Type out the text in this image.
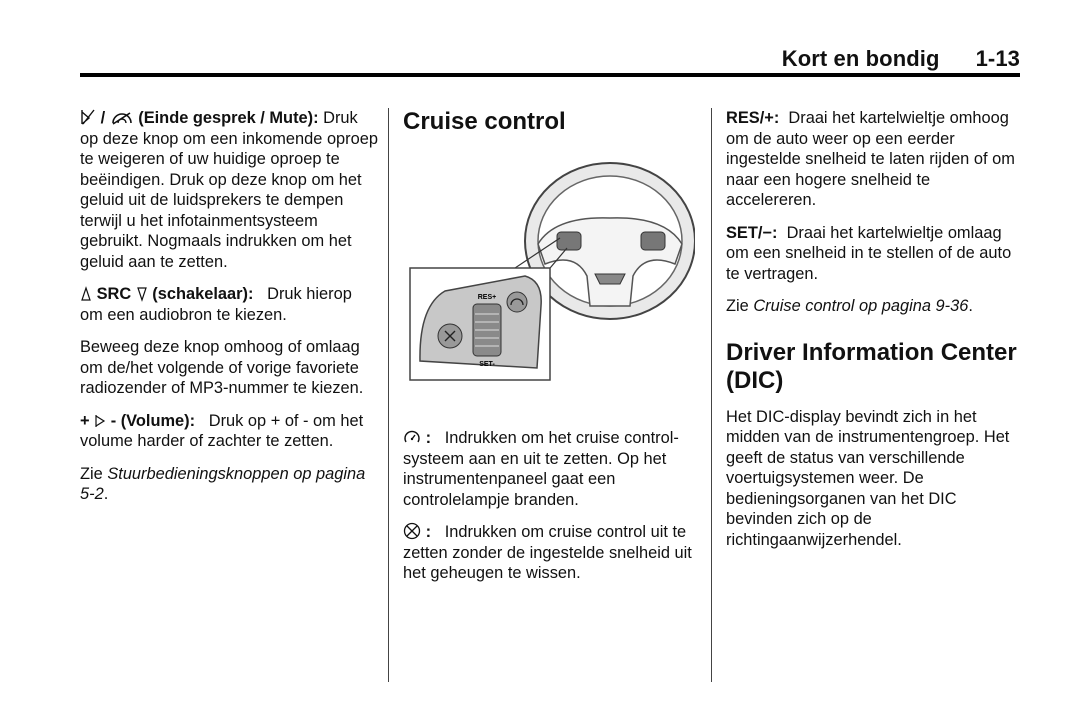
Kort en bondig 1-13

/  (Einde gesprek / Mute): Druk op deze knop om een inkomende oproep te weigeren of uw huidige oproep te beëindigen. Druk op deze knop om het geluid uit de luidsprekers te dempen terwijl u het infotainmentsysteem gebruikt. Nogmaals indrukken om het geluid aan te zetten.

SRC (schakelaar): Druk hierop om een audiobron te kiezen.

Beweeg deze knop omhoog of omlaag om de/het volgende of vorige favoriete radiozender of MP3-nummer te kiezen.

+ - (Volume): Druk op + of - om het volume harder of zachter te zetten.

Zie Stuurbedieningsknoppen op pagina 5-2.

Cruise control
RES+
SET-

: Indrukken om het cruise control-systeem aan en uit te zetten. Op het instrumentenpaneel gaat een controlelampje branden.

: Indrukken om cruise control uit te zetten zonder de ingestelde snelheid uit het geheugen te wissen.

RES/+: Draai het kartelwieltje omhoog om de auto weer op een eerder ingestelde snelheid te laten rijden of om naar een hogere snelheid te accelereren.

SET/−: Draai het kartelwieltje omlaag om een snelheid in te stellen of de auto te vertragen.

Zie Cruise control op pagina 9-36.

Driver Information Center (DIC)

Het DIC-display bevindt zich in het midden van de instrumentengroep. Het geeft de status van verschillende voertuigsystemen weer. De bedieningsorganen van het DIC bevinden zich op de richtingaanwijzerhendel.
